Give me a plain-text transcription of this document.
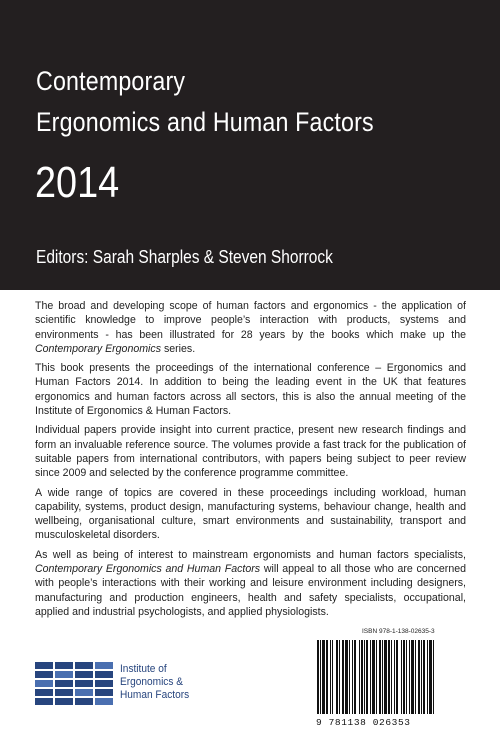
Contemporary
Ergonomics and Human Factors
2014
Editors: Sarah Sharples & Steven Shorrock

The broad and developing scope of human factors and ergonomics - the application of scientific knowledge to improve people’s interaction with products, systems and environments - has been illustrated for 28 years by the books which make up the Contemporary Ergonomics series.

This book presents the proceedings of the international conference – Ergonomics and Human Factors 2014. In addition to being the leading event in the UK that features ergonomics and human factors across all sectors, this is also the annual meeting of the Institute of Ergonomics & Human Factors.

Individual papers provide insight into current practice, present new research findings and form an invaluable reference source. The volumes provide a fast track for the publication of suitable papers from international contributors, with papers being subject to peer review since 2009 and selected by the conference programme committee.

A wide range of topics are covered in these proceedings including workload, human capability, systems, product design, manufacturing systems, behaviour change, health and wellbeing, organisational culture, smart environments and sustainability, transport and musculoskeletal disorders.

As well as being of interest to mainstream ergonomists and human factors specialists, Contemporary Ergonomics and Human Factors will appeal to all those who are concerned with people’s interactions with their working and leisure environment including designers, manufacturing and production engineers, health and safety specialists, occupational, applied and industrial psychologists, and applied physiologists.

ISBN 978-1-138-02635-3
9 781138 026353
Institute of
Ergonomics &
Human Factors
